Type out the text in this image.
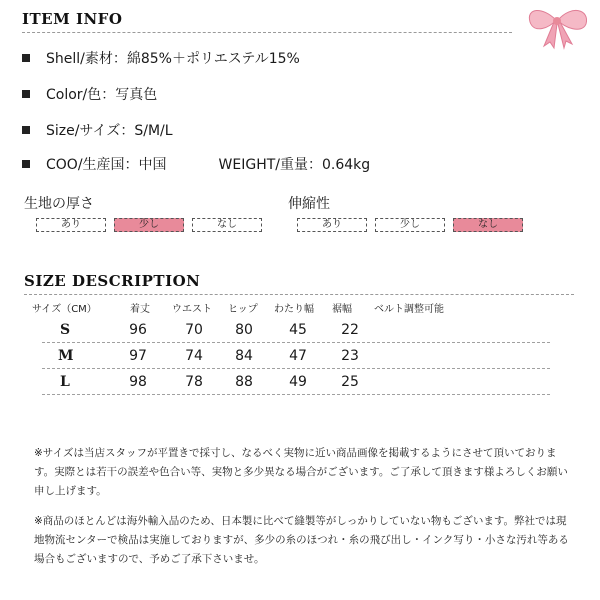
ITEM INFO
Shell/素材：綿85%＋ポリエステル15%
Color/色：写真色
Size/サイズ：S/M/L
COO/生産国：中国	WEIGHT/重量：0.64kg
生地の厚さ
あり	少し	なし
伸縮性
あり	少し	なし
SIZE DESCRIPTION
サイズ（CM）	着丈 ウエスト ヒップ わたり幅 裾幅 ベルト調整可能
S	96	70	80	45	22
M	97	74	84	47	23
L	98	78	88	49	25
※サイズは当店スタッフが平置きで採寸し、なるべく実物に近い商品画像を掲載するようにさせて頂いております。実際とは若干の誤差や色合い等、実物と多少異なる場合がございます。ご了承して頂きます様よろしくお願い申し上げます。
※商品のほとんどは海外輸入品のため、日本製に比べて縫製等がしっかりしていない物もございます。弊社では現地物流センターで検品は実施しておりますが、多少の糸のほつれ・糸の飛び出し・インク写り・小さな汚れ等ある場合もございますので、予めご了承下さいませ。
